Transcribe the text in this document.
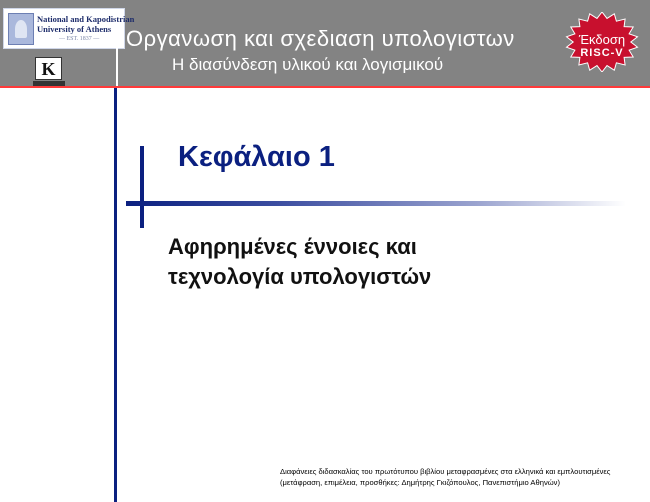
National and Kapodistrian
University of Athens
— EST. 1837 —
K
Οργανωση και σχεδιαση υπολογιστων
Η διασύνδεση υλικού και λογισμικού
Έκδοση
RISC-V
Κεφάλαιο 1
Αφηρημένες έννοιες και
τεχνολογία υπολογιστών
Διαφάνειες διδασκαλίας του πρωτότυπου βιβλίου μεταφρασμένες στα ελληνικά και εμπλουτισμένες
(μετάφραση, επιμέλεια, προσθήκες: Δημήτρης Γκιζόπουλος, Πανεπιστήμιο Αθηνών)
